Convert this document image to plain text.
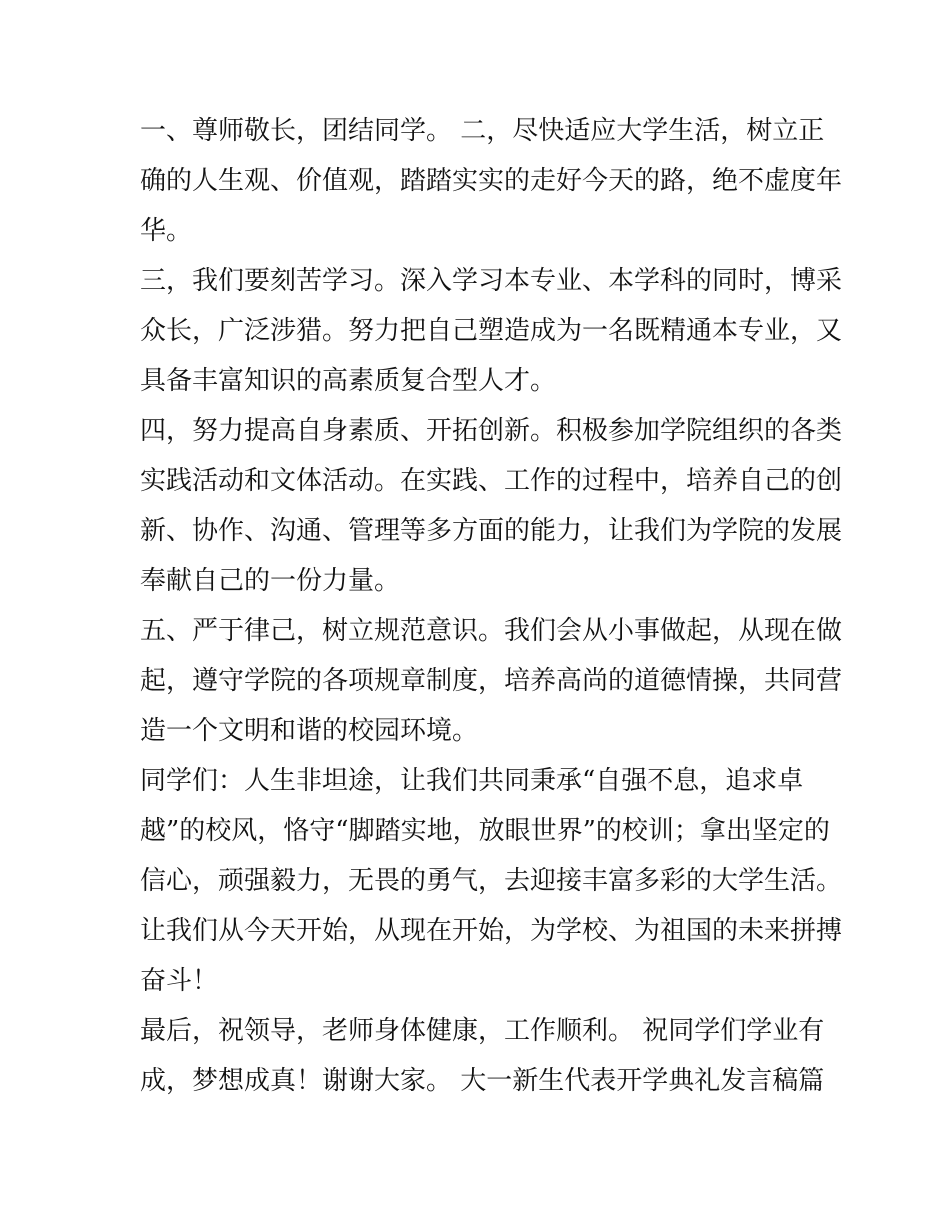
一、尊师敬长，团结同学。 二，尽快适应大学生活，树立正
确的人生观、价值观，踏踏实实的走好今天的路，绝不虚度年
华。
三，我们要刻苦学习。深入学习本专业、本学科的同时，博采
众长，广泛涉猎。努力把自己塑造成为一名既精通本专业，又
具备丰富知识的高素质复合型人才。
四，努力提高自身素质、开拓创新。积极参加学院组织的各类
实践活动和文体活动。在实践、工作的过程中，培养自己的创
新、协作、沟通、管理等多方面的能力，让我们为学院的发展
奉献自己的一份力量。
五、严于律己，树立规范意识。我们会从小事做起，从现在做
起，遵守学院的各项规章制度，培养高尚的道德情操，共同营
造一个文明和谐的校园环境。
同学们：人生非坦途，让我们共同秉承“自强不息，追求卓
越”的校风，恪守“脚踏实地，放眼世界”的校训；拿出坚定的
信心，顽强毅力，无畏的勇气，去迎接丰富多彩的大学生活。
让我们从今天开始，从现在开始，为学校、为祖国的未来拼搏
奋斗！
最后，祝领导，老师身体健康，工作顺利。 祝同学们学业有
成，梦想成真！谢谢大家。 大一新生代表开学典礼发言稿篇
